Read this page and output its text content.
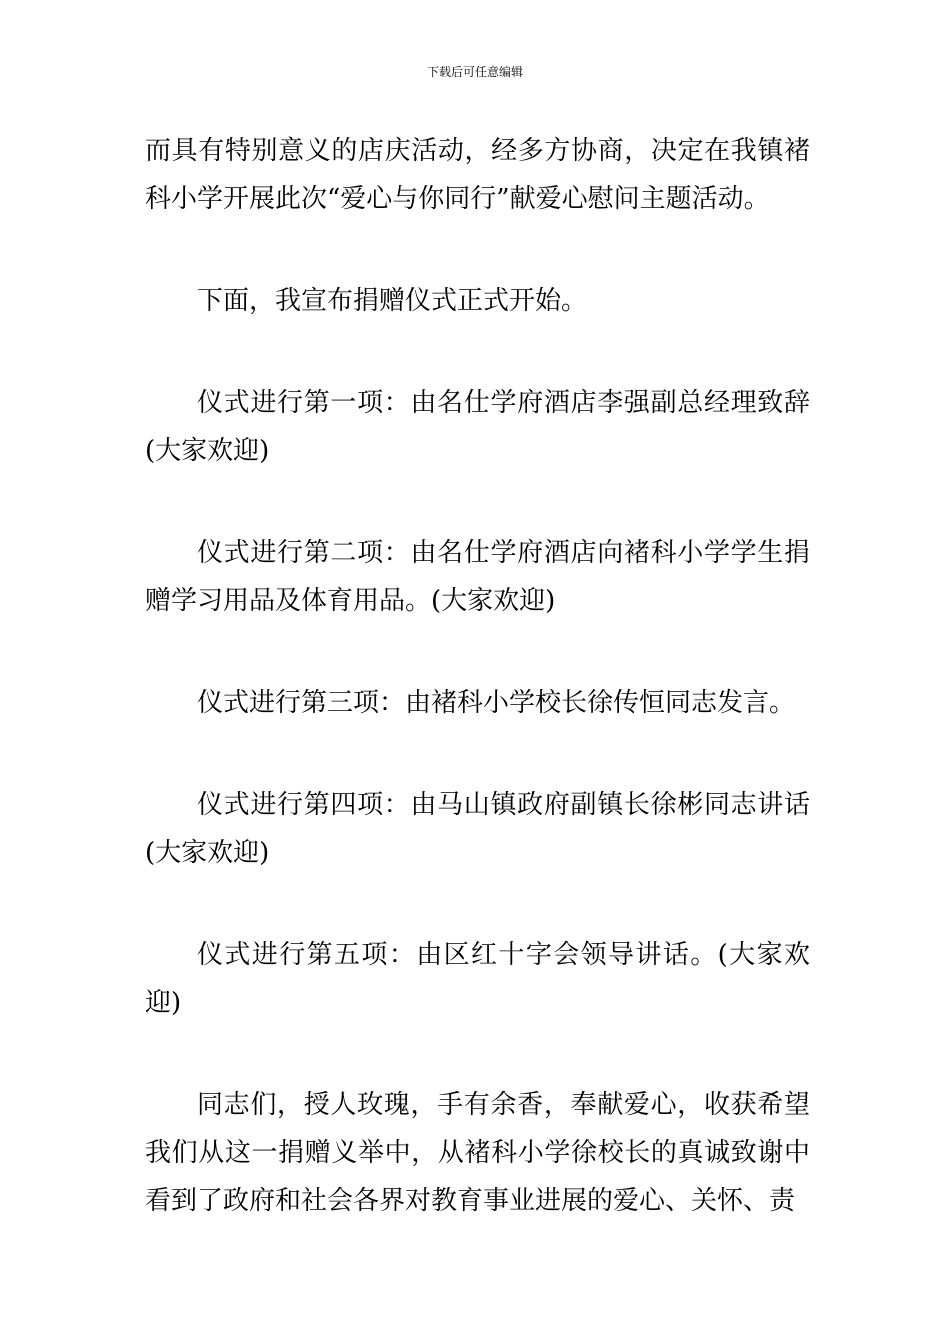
下载后可任意编辑

而具有特别意义的店庆活动，经多方协商，决定在我镇褚科小学开展此次“爱心与你同行”献爱心慰问主题活动。

下面，我宣布捐赠仪式正式开始。

仪式进行第一项：由名仕学府酒店李强副总经理致辞(大家欢迎)

仪式进行第二项：由名仕学府酒店向褚科小学学生捐赠学习用品及体育用品。(大家欢迎)

仪式进行第三项：由褚科小学校长徐传恒同志发言。

仪式进行第四项：由马山镇政府副镇长徐彬同志讲话(大家欢迎)

仪式进行第五项：由区红十字会领导讲话。(大家欢迎)

同志们，授人玫瑰，手有余香，奉献爱心，收获希望我们从这一捐赠义举中，从褚科小学徐校长的真诚致谢中看到了政府和社会各界对教育事业进展的爱心、关怀、责
